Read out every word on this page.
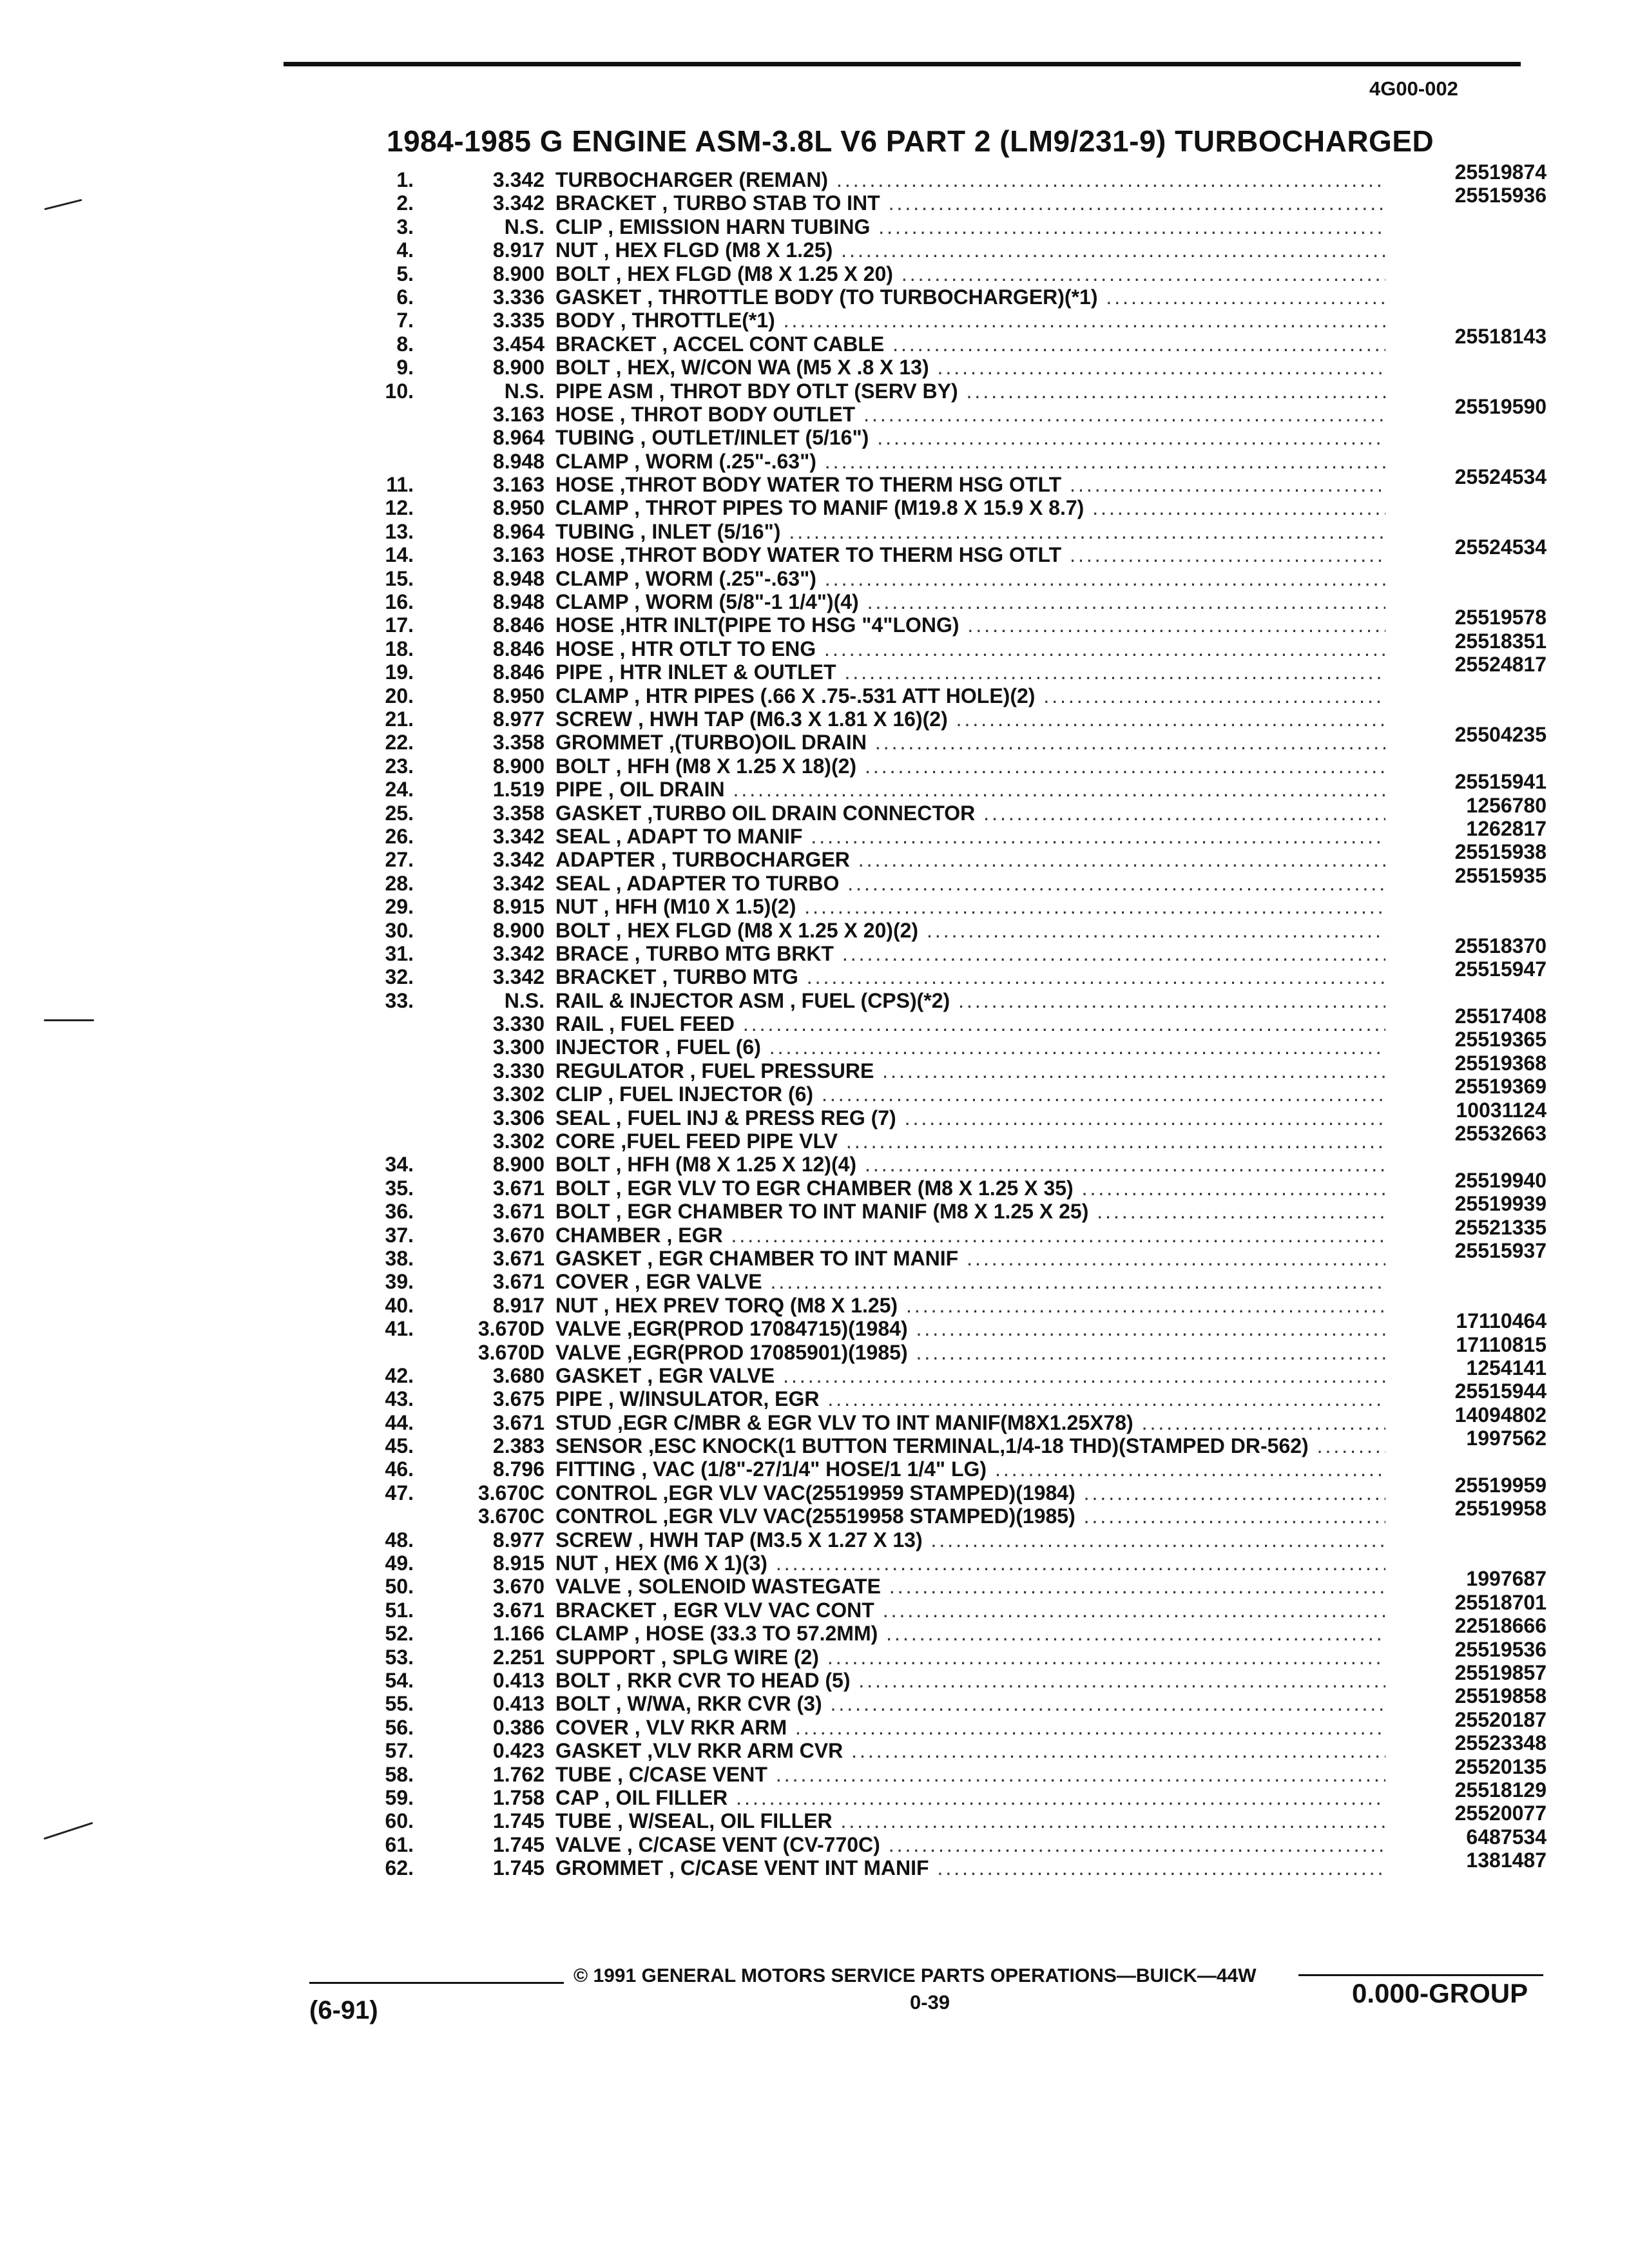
4G00-002
1984-1985 G ENGINE ASM-3.8L V6 PART 2 (LM9/231-9) TURBOCHARGED
1.	3.342 TURBOCHARGER (REMAN) .....	25519874
2.	3.342 BRACKET , TURBO STAB TO INT .....	25515936
3.	N.S. CLIP , EMISSION HARN TUBING .....
4.	8.917 NUT , HEX FLGD (M8 X 1.25) .....
5.	8.900 BOLT , HEX FLGD (M8 X 1.25 X 20) .....
6.	3.336 GASKET , THROTTLE BODY (TO TURBOCHARGER)(*1) .....
7.	3.335 BODY , THROTTLE(*1) .....
8.	3.454 BRACKET , ACCEL CONT CABLE .....	25518143
9.	8.900 BOLT , HEX, W/CON WA (M5 X .8 X 13) .....
10.	N.S. PIPE ASM , THROT BDY OTLT (SERV BY) .....
3.163 HOSE , THROT BODY OUTLET .....	25519590
8.964 TUBING , OUTLET/INLET (5/16") .....
8.948 CLAMP , WORM (.25"-.63") .....
11.	3.163 HOSE ,THROT BODY WATER TO THERM HSG OTLT .....	25524534
12.	8.950 CLAMP , THROT PIPES TO MANIF (M19.8 X 15.9 X 8.7) .....
13.	8.964 TUBING , INLET (5/16") .....
14.	3.163 HOSE ,THROT BODY WATER TO THERM HSG OTLT .....	25524534
15.	8.948 CLAMP , WORM (.25"-.63") .....
16.	8.948 CLAMP , WORM (5/8"-1 1/4")(4) .....
17.	8.846 HOSE ,HTR INLT(PIPE TO HSG "4"LONG) .....	25519578
18.	8.846 HOSE , HTR OTLT TO ENG .....	25518351
19.	8.846 PIPE , HTR INLET & OUTLET .....	25524817
20.	8.950 CLAMP , HTR PIPES (.66 X .75-.531 ATT HOLE)(2) .....
21.	8.977 SCREW , HWH TAP (M6.3 X 1.81 X 16)(2) .....
22.	3.358 GROMMET ,(TURBO)OIL DRAIN .....	25504235
23.	8.900 BOLT , HFH (M8 X 1.25 X 18)(2) .....
24.	1.519 PIPE , OIL DRAIN .....	25515941
25.	3.358 GASKET ,TURBO OIL DRAIN CONNECTOR .....	1256780
26.	3.342 SEAL , ADAPT TO MANIF .....	1262817
27.	3.342 ADAPTER , TURBOCHARGER .....	25515938
28.	3.342 SEAL , ADAPTER TO TURBO .....	25515935
29.	8.915 NUT , HFH (M10 X 1.5)(2) .....
30.	8.900 BOLT , HEX FLGD (M8 X 1.25 X 20)(2) .....
31.	3.342 BRACE , TURBO MTG BRKT .....	25518370
32.	3.342 BRACKET , TURBO MTG .....	25515947
33.	N.S. RAIL & INJECTOR ASM , FUEL (CPS)(*2) .....
3.330 RAIL , FUEL FEED .....	25517408
3.300 INJECTOR , FUEL (6) .....	25519365
3.330 REGULATOR , FUEL PRESSURE .....	25519368
3.302 CLIP , FUEL INJECTOR (6) .....	25519369
3.306 SEAL , FUEL INJ & PRESS REG (7) .....	10031124
3.302 CORE ,FUEL FEED PIPE VLV .....	25532663
34.	8.900 BOLT , HFH (M8 X 1.25 X 12)(4) .....
35.	3.671 BOLT , EGR VLV TO EGR CHAMBER (M8 X 1.25 X 35) .....	25519940
36.	3.671 BOLT , EGR CHAMBER TO INT MANIF (M8 X 1.25 X 25) .....	25519939
37.	3.670 CHAMBER , EGR .....	25521335
38.	3.671 GASKET , EGR CHAMBER TO INT MANIF .....	25515937
39.	3.671 COVER , EGR VALVE .....
40.	8.917 NUT , HEX PREV TORQ (M8 X 1.25) .....
41.	3.670D VALVE ,EGR(PROD 17084715)(1984) .....	17110464
3.670D VALVE ,EGR(PROD 17085901)(1985) .....	17110815
42.	3.680 GASKET , EGR VALVE .....	1254141
43.	3.675 PIPE , W/INSULATOR, EGR .....	25515944
44.	3.671 STUD ,EGR C/MBR & EGR VLV TO INT MANIF(M8X1.25X78) .....	14094802
45.	2.383 SENSOR ,ESC KNOCK(1 BUTTON TERMINAL,1/4-18 THD)(STAMPED DR-562) .....	1997562
46.	8.796 FITTING , VAC (1/8"-27/1/4" HOSE/1 1/4" LG) .....
47.	3.670C CONTROL ,EGR VLV VAC(25519959 STAMPED)(1984) .....	25519959
3.670C CONTROL ,EGR VLV VAC(25519958 STAMPED)(1985) .....	25519958
48.	8.977 SCREW , HWH TAP (M3.5 X 1.27 X 13) .....
49.	8.915 NUT , HEX (M6 X 1)(3) .....
50.	3.670 VALVE , SOLENOID WASTEGATE .....	1997687
51.	3.671 BRACKET , EGR VLV VAC CONT .....	25518701
52.	1.166 CLAMP , HOSE (33.3 TO 57.2MM) .....	22518666
53.	2.251 SUPPORT , SPLG WIRE (2) .....	25519536
54.	0.413 BOLT , RKR CVR TO HEAD (5) .....	25519857
55.	0.413 BOLT , W/WA, RKR CVR (3) .....	25519858
56.	0.386 COVER , VLV RKR ARM .....	25520187
57.	0.423 GASKET ,VLV RKR ARM CVR .....	25523348
58.	1.762 TUBE , C/CASE VENT .....	25520135
59.	1.758 CAP , OIL FILLER .....	25518129
60.	1.745 TUBE , W/SEAL, OIL FILLER .....	25520077
61.	1.745 VALVE , C/CASE VENT (CV-770C) .....	6487534
62.	1.745 GROMMET , C/CASE VENT INT MANIF .....	1381487
© 1991 GENERAL MOTORS SERVICE PARTS OPERATIONS—BUICK—44W
0-39
(6-91)
0.000-GROUP
